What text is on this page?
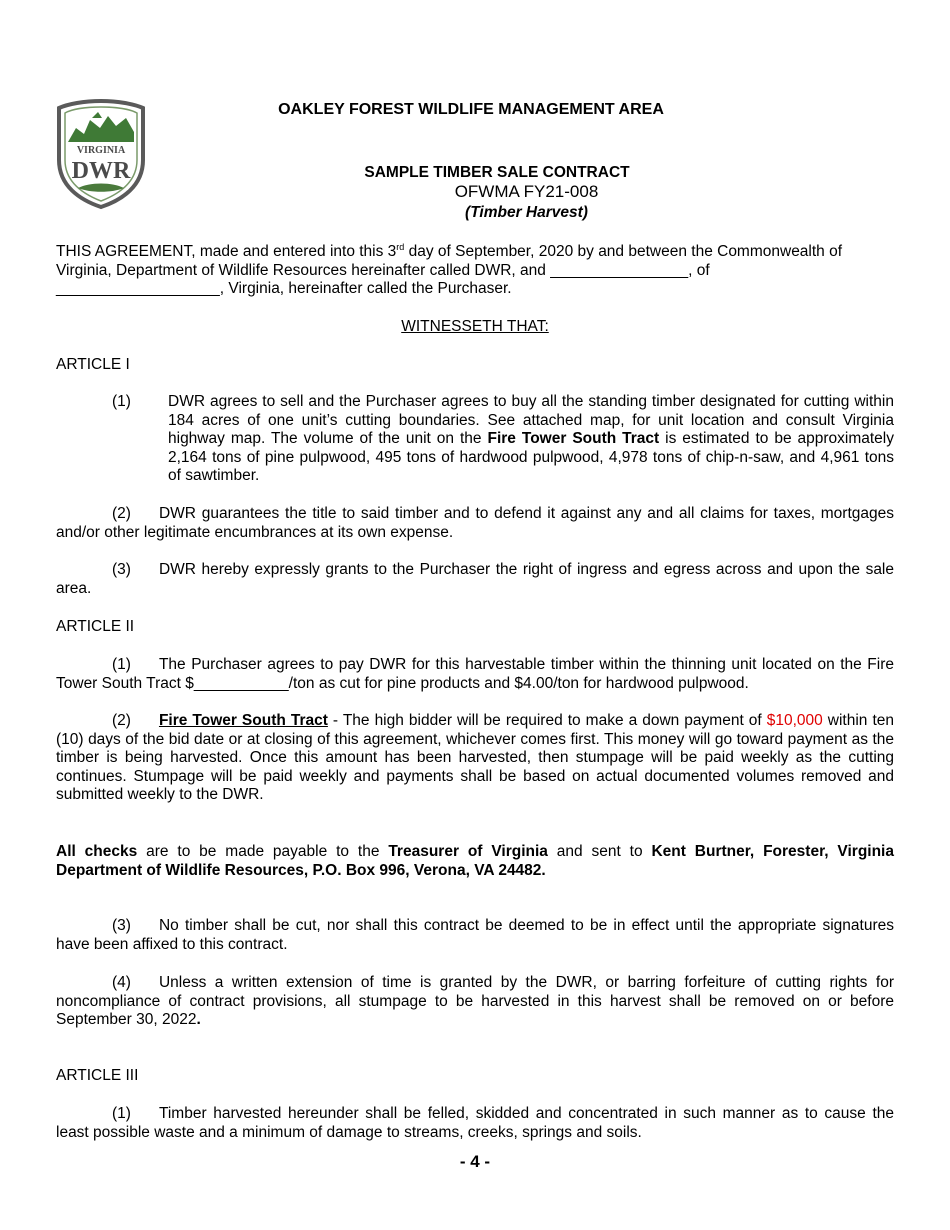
VIRGINIA
DWR
OAKLEY FOREST WILDLIFE MANAGEMENT AREA
SAMPLE TIMBER SALE CONTRACT
OFWMA FY21-008
(Timber Harvest)
THIS AGREEMENT, made and entered into this 3rd day of September, 2020 by and between the Commonwealth of
Virginia, Department of Wildlife Resources hereinafter called DWR, and ________________, of
___________________, Virginia, hereinafter called the Purchaser.
WITNESSETH THAT:
ARTICLE I
(1) DWR agrees to sell and the Purchaser agrees to buy all the standing timber designated for cutting within 184 acres of one unit’s cutting boundaries. See attached map, for unit location and consult Virginia highway map. The volume of the unit on the Fire Tower South Tract is estimated to be approximately 2,164 tons of pine pulpwood, 495 tons of hardwood pulpwood, 4,978 tons of chip-n-saw, and 4,961 tons of sawtimber.
(2) DWR guarantees the title to said timber and to defend it against any and all claims for taxes, mortgages and/or other legitimate encumbrances at its own expense.
(3) DWR hereby expressly grants to the Purchaser the right of ingress and egress across and upon the sale area.
ARTICLE II
(1) The Purchaser agrees to pay DWR for this harvestable timber within the thinning unit located on the Fire Tower South Tract $___________/ton as cut for pine products and $4.00/ton for hardwood pulpwood.
(2) Fire Tower South Tract - The high bidder will be required to make a down payment of $10,000 within ten (10) days of the bid date or at closing of this agreement, whichever comes first. This money will go toward payment as the timber is being harvested. Once this amount has been harvested, then stumpage will be paid weekly as the cutting continues. Stumpage will be paid weekly and payments shall be based on actual documented volumes removed and submitted weekly to the DWR.
All checks are to be made payable to the Treasurer of Virginia and sent to Kent Burtner, Forester, Virginia Department of Wildlife Resources, P.O. Box 996, Verona, VA 24482.
(3) No timber shall be cut, nor shall this contract be deemed to be in effect until the appropriate signatures have been affixed to this contract.
(4) Unless a written extension of time is granted by the DWR, or barring forfeiture of cutting rights for noncompliance of contract provisions, all stumpage to be harvested in this harvest shall be removed on or before September 30, 2022.
ARTICLE III
(1) Timber harvested hereunder shall be felled, skidded and concentrated in such manner as to cause the least possible waste and a minimum of damage to streams, creeks, springs and soils.
- 4 -
